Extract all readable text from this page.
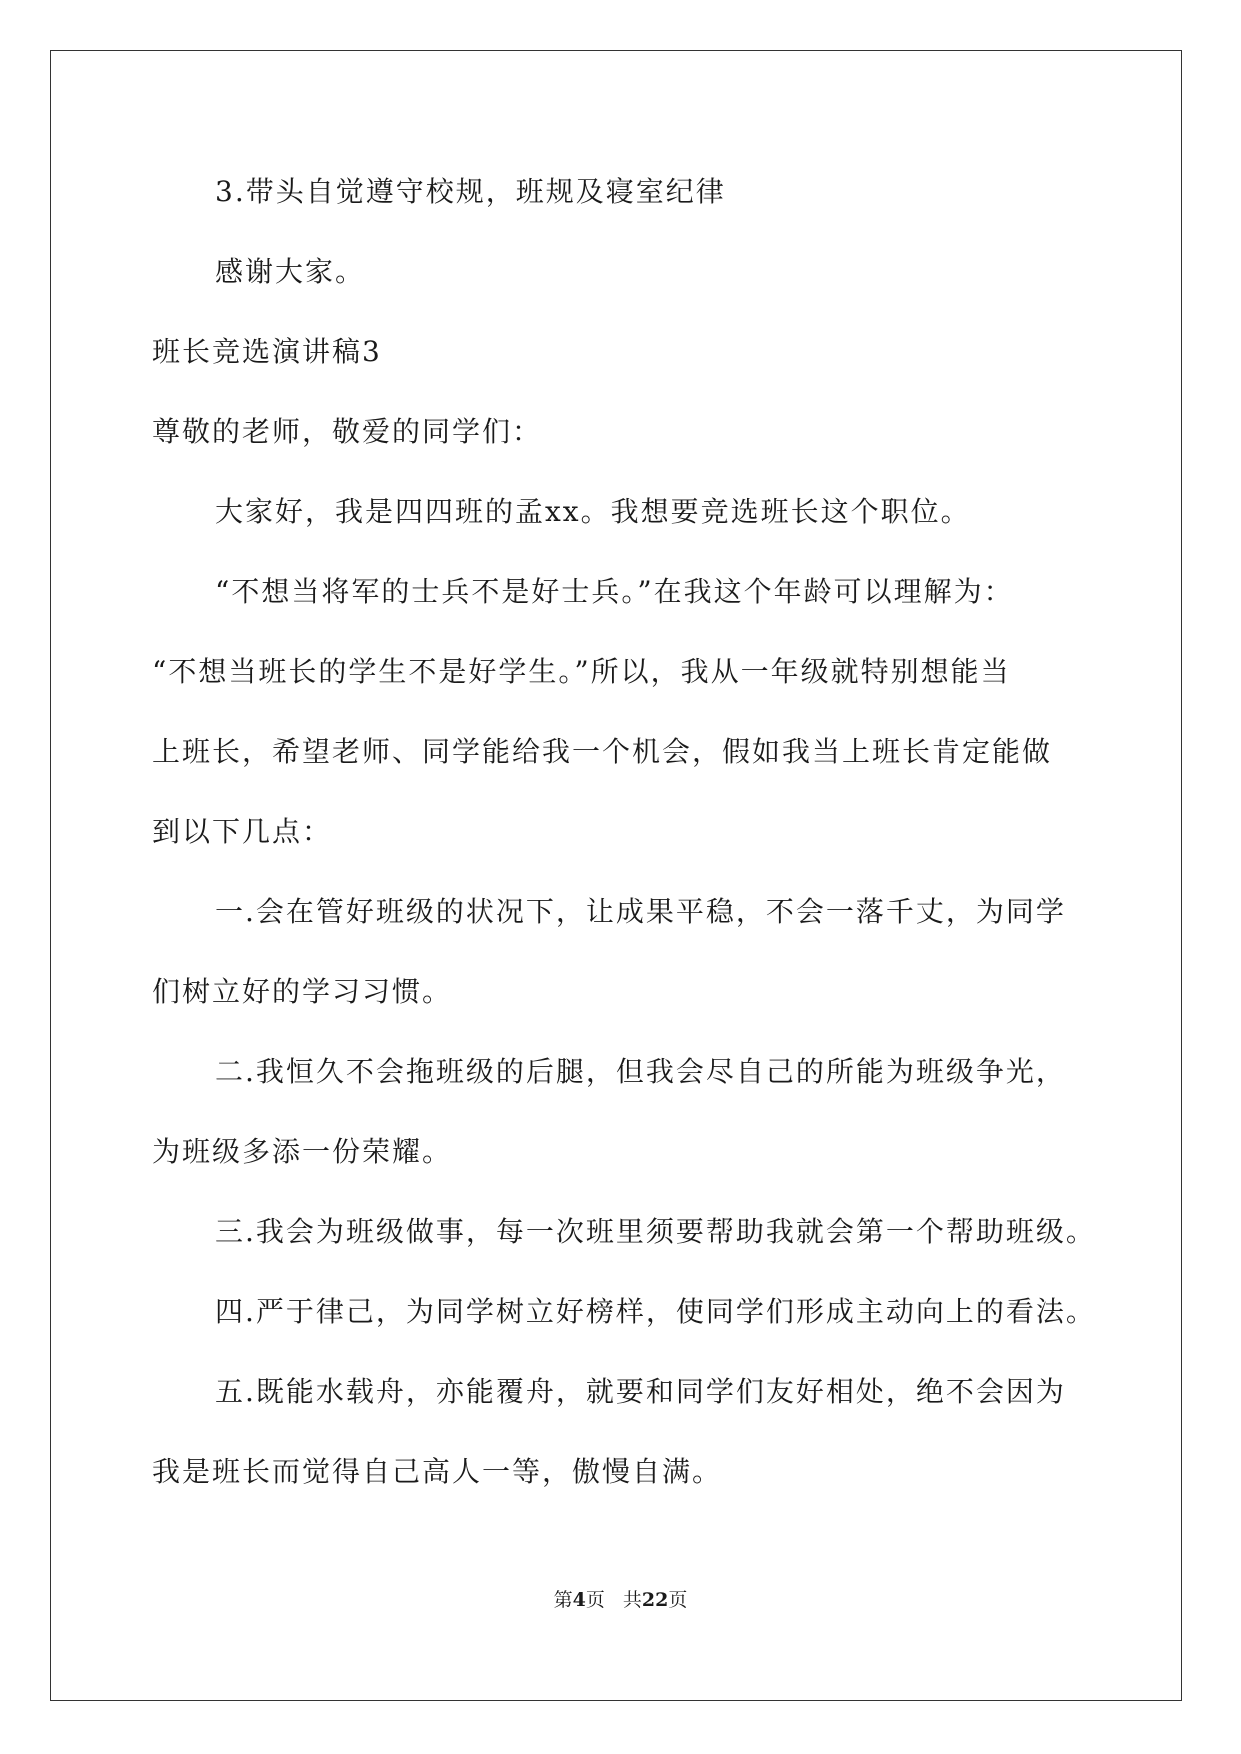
3.带头自觉遵守校规，班规及寝室纪律
感谢大家。
班长竞选演讲稿3
尊敬的老师，敬爱的同学们：
大家好，我是四四班的孟xx。我想要竞选班长这个职位。
“不想当将军的士兵不是好士兵。”在我这个年龄可以理解为：
“不想当班长的学生不是好学生。”所以，我从一年级就特别想能当
上班长，希望老师、同学能给我一个机会，假如我当上班长肯定能做
到以下几点：
一.会在管好班级的状况下，让成果平稳，不会一落千丈，为同学
们树立好的学习习惯。
二.我恒久不会拖班级的后腿，但我会尽自己的所能为班级争光，
为班级多添一份荣耀。
三.我会为班级做事，每一次班里须要帮助我就会第一个帮助班级。
四.严于律己，为同学树立好榜样，使同学们形成主动向上的看法。
五.既能水载舟，亦能覆舟，就要和同学们友好相处，绝不会因为
我是班长而觉得自己高人一等，傲慢自满。
第4页 共22页
